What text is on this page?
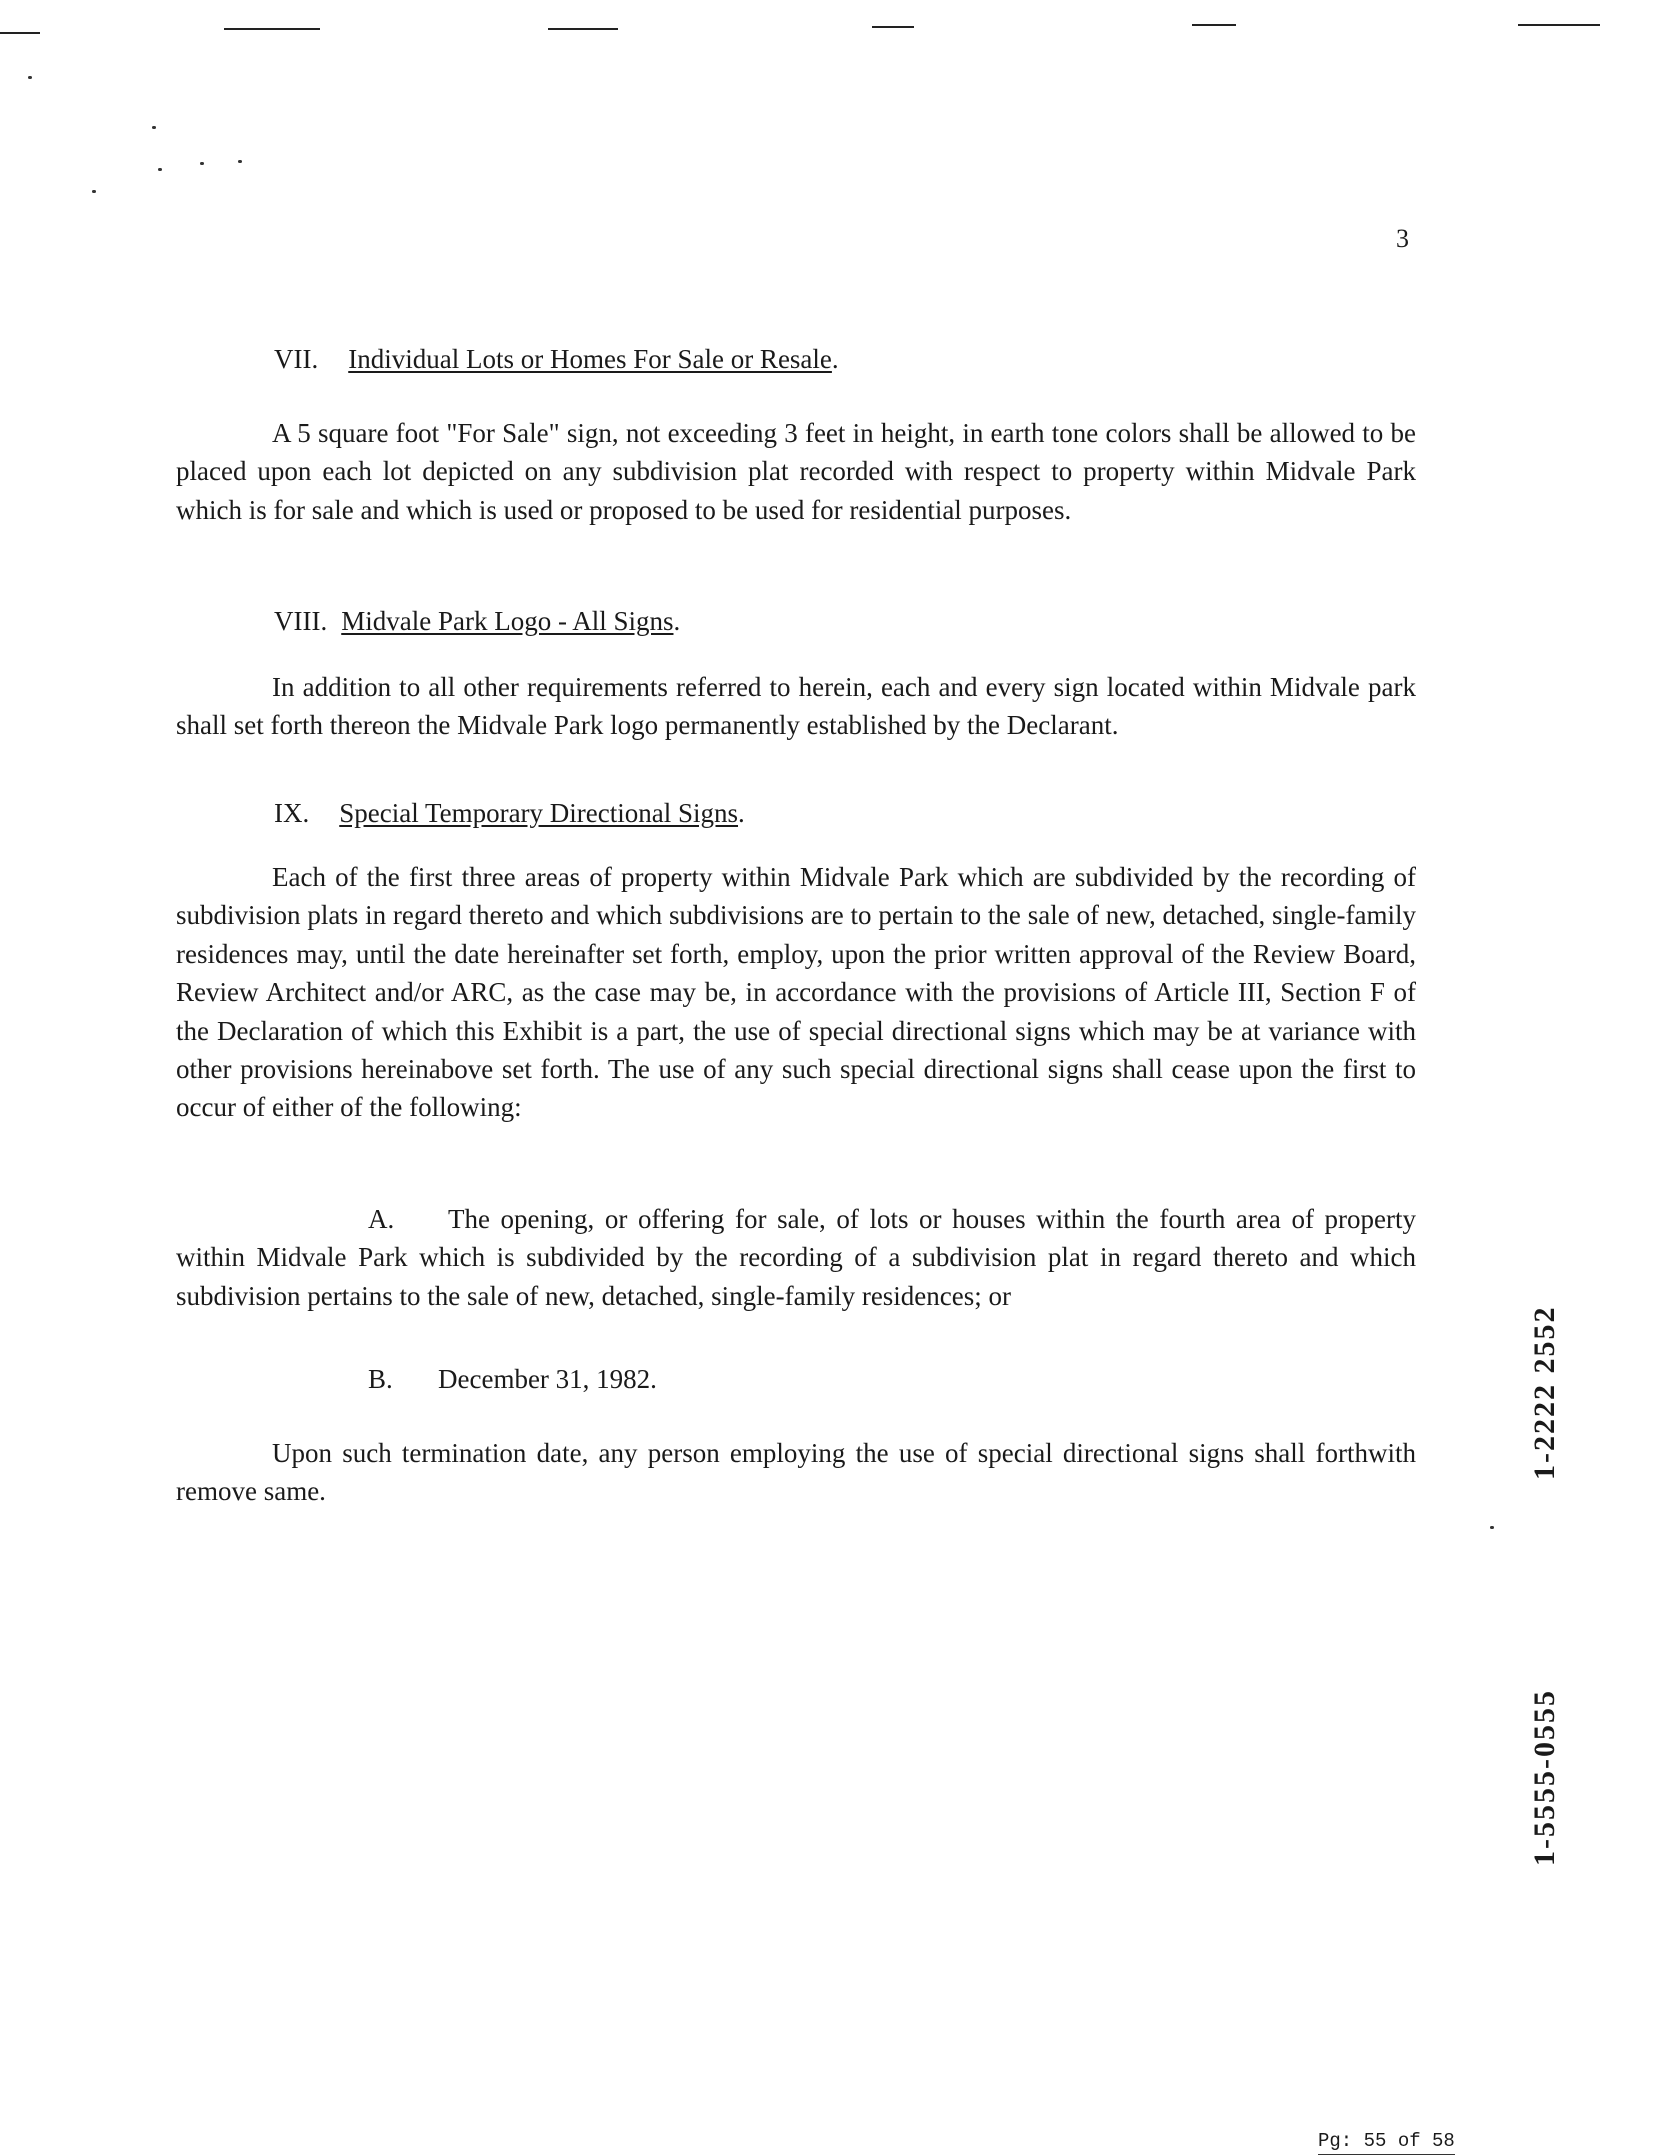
3
VII. Individual Lots or Homes For Sale or Resale.
A 5 square foot "For Sale" sign, not exceeding 3 feet in height, in earth tone colors shall be allowed to be placed upon each lot depicted on any subdivision plat recorded with respect to property within Midvale Park which is for sale and which is used or proposed to be used for residential purposes.
VIII. Midvale Park Logo - All Signs.
In addition to all other requirements referred to herein, each and every sign located within Midvale park shall set forth thereon the Midvale Park logo permanently established by the Declarant.
IX. Special Temporary Directional Signs.
Each of the first three areas of property within Midvale Park which are subdivided by the recording of subdivision plats in regard thereto and which subdivisions are to pertain to the sale of new, detached, single-family residences may, until the date hereinafter set forth, employ, upon the prior written approval of the Review Board, Review Architect and/or ARC, as the case may be, in accordance with the provisions of Article III, Section F of the Declaration of which this Exhibit is a part, the use of special directional signs which may be at variance with other provisions hereinabove set forth. The use of any such special directional signs shall cease upon the first to occur of either of the following:
A. The opening, or offering for sale, of lots or houses within the fourth area of property within Midvale Park which is subdivided by the recording of a subdivision plat in regard thereto and which subdivision pertains to the sale of new, detached, single-family residences; or
B. December 31, 1982.
Upon such termination date, any person employing the use of special directional signs shall forthwith remove same.
1-2222 2552
1-5555-0555
Pg: 55 of 58
